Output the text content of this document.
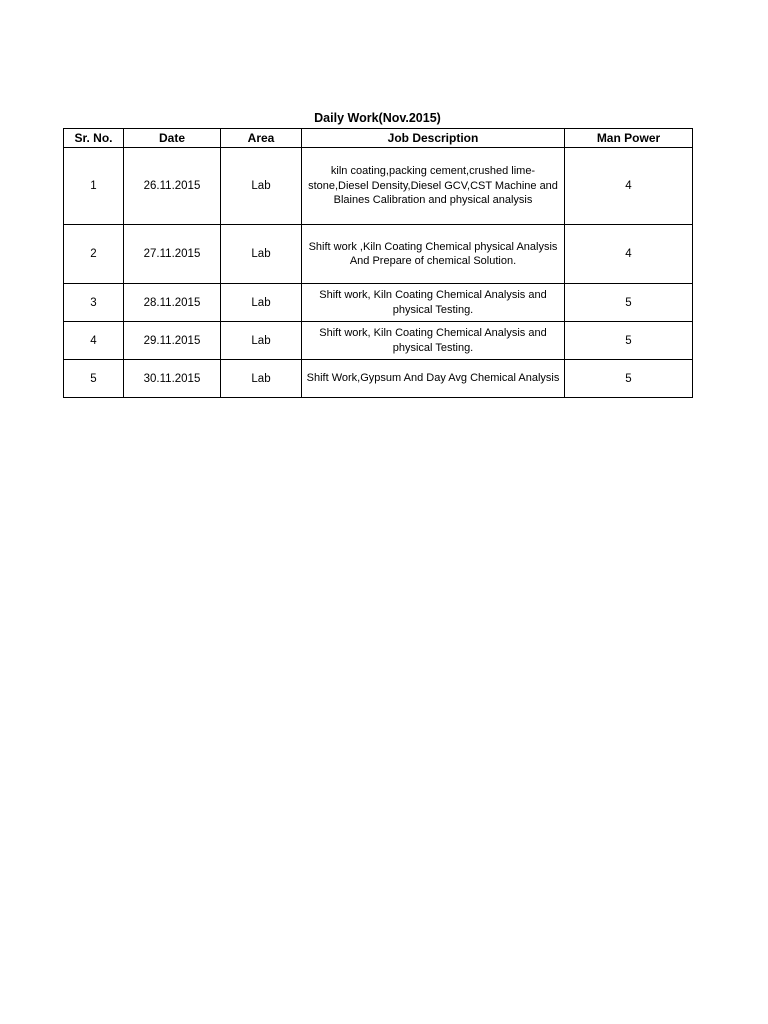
Daily Work(Nov.2015)
Sr. No.	Date	Area	Job Description	Man Power
1	26.11.2015	Lab	kiln coating,packing cement,crushed lime-stone,Diesel Density,Diesel GCV,CST Machine and Blaines Calibration and physical analysis	4
2	27.11.2015	Lab	Shift work ,Kiln Coating Chemical physical Analysis And Prepare of chemical Solution.	4
3	28.11.2015	Lab	Shift work, Kiln Coating Chemical Analysis and physical Testing.	5
4	29.11.2015	Lab	Shift work, Kiln Coating Chemical Analysis and physical Testing.	5
5	30.11.2015	Lab	Shift Work,Gypsum And Day Avg Chemical Analysis	5
